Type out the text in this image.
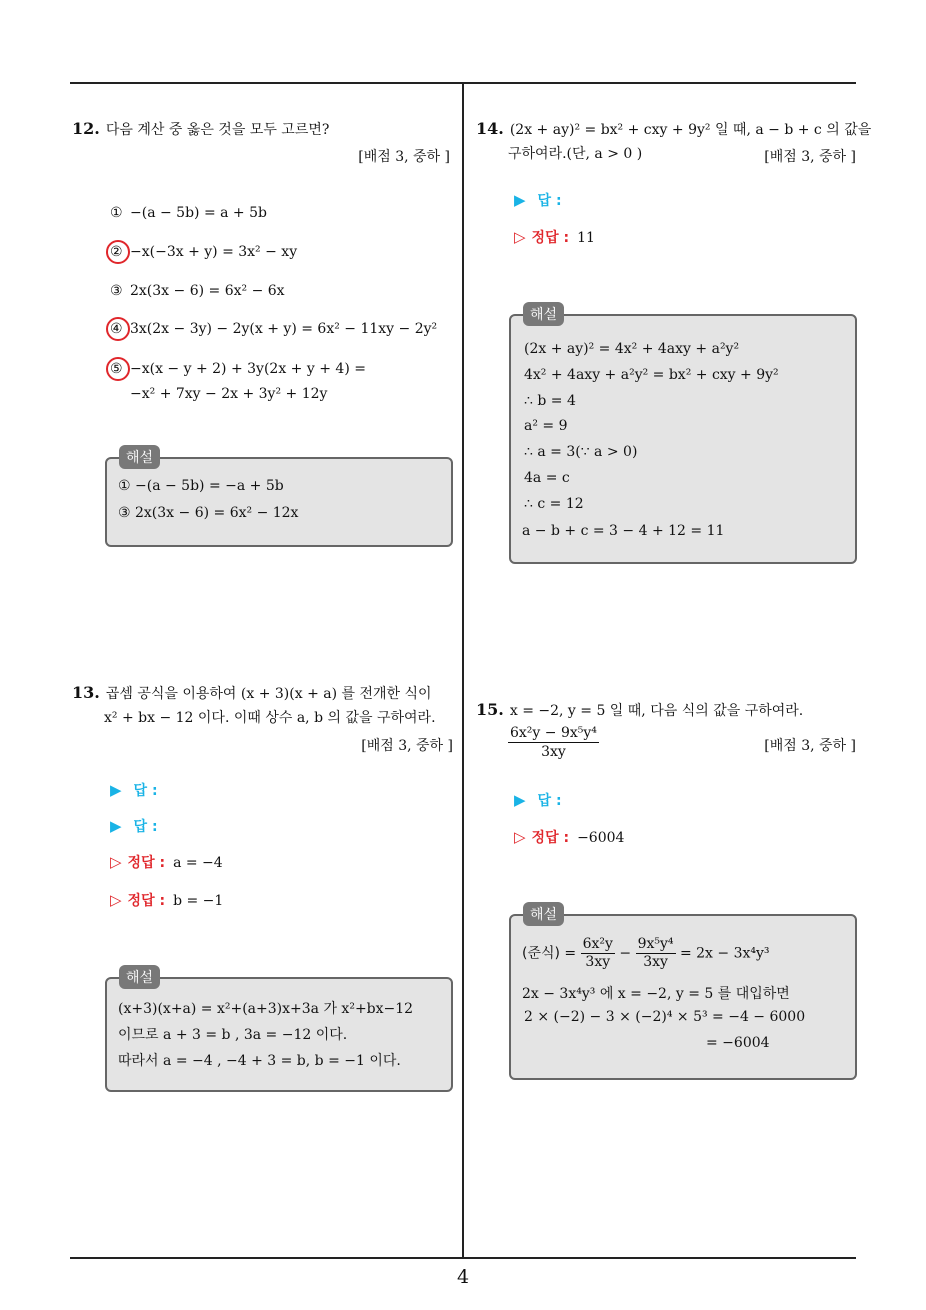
4
12. 다음 계산 중 옳은 것을 모두 고르면?
[배점 3, 중하 ]
① −(a − 5b) = a + 5b
② −x(−3x + y) = 3x² − xy
③ 2x(3x − 6) = 6x² − 6x
④ 3x(2x − 3y) − 2y(x + y) = 6x² − 11xy − 2y²
⑤ −x(x − y + 2) + 3y(2x + y + 4) =
−x² + 7xy − 2x + 3y² + 12y
해설
① −(a − 5b) = −a + 5b
③ 2x(3x − 6) = 6x² − 12x
13. 곱셈 공식을 이용하여 (x + 3)(x + a) 를 전개한 식이
x² + bx − 12 이다. 이때 상수 a, b 의 값을 구하여라.
[배점 3, 중하 ]
▶ 답 :
▶ 답 :
▷ 정답 : a = −4
▷ 정답 : b = −1
해설
(x+3)(x+a) = x²+(a+3)x+3a 가 x²+bx−12
이므로 a + 3 = b , 3a = −12 이다.
따라서 a = −4 , −4 + 3 = b, b = −1 이다.
14. (2x + ay)² = bx² + cxy + 9y² 일 때, a − b + c 의 값을
구하여라.(단, a > 0 )	[배점 3, 중하 ]
▶ 답 :
▷ 정답 : 11
해설
(2x + ay)² = 4x² + 4axy + a²y²
4x² + 4axy + a²y² = bx² + cxy + 9y²
∴ b = 4
a² = 9
∴ a = 3(∵ a > 0)
4a = c
∴ c = 12
a − b + c = 3 − 4 + 12 = 11
15. x = −2, y = 5 일 때, 다음 식의 값을 구하여라.
$\frac{\text{6x²y − 9x⁵y⁴}}{3xy}$	[배점 3, 중하 ]
▶ 답 :
▷ 정답 : −6004
해설
(준식) = $\frac{\text{6x²y}}{3xy} - \frac{\text{9x⁵y⁴}}{3xy} = 2x - 3x^4y^3$
2x − 3x⁴y³ 에 x = −2, y = 5 를 대입하면
2 × (−2) − 3 × (−2)⁴ × 5³ = −4 − 6000
= −6004
